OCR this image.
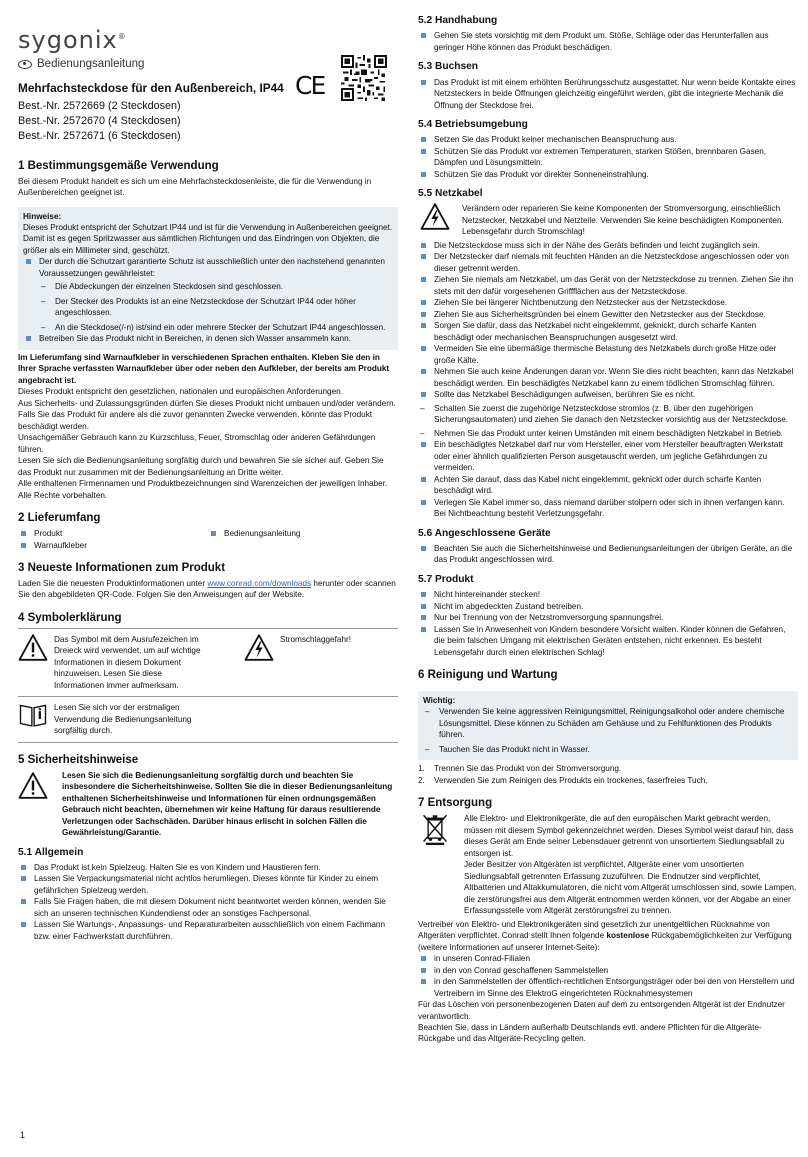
sygonix®
Bedienungsanleitung
Mehrfachsteckdose für den Außenbereich, IP44
Best.-Nr. 2572669 (2 Steckdosen)
Best.-Nr. 2572670 (4 Steckdosen)
Best.-Nr. 2572671 (6 Steckdosen)
CE
1 Bestimmungsgemäße Verwendung

Bei diesem Produkt handelt es sich um eine Mehrfachsteckdosenleiste, die für die Verwendung in Außenbereichen geeignet ist.

Hinweise:

Dieses Produkt entspricht der Schutzart IP44 und ist für die Verwendung in Außenbereichen geeignet. Damit ist es gegen Spritzwasser aus sämtlichen Richtungen und das Eindringen von Objekten, die größer als ein Millimeter sind, geschützt.

Der durch die Schutzart garantierte Schutz ist ausschließlich unter den nachstehend genannten Voraussetzungen gewährleistet:
– Die Abdeckungen der einzelnen Steckdosen sind geschlossen.
– Der Stecker des Produkts ist an eine Netzsteckdose der Schutzart IP44 oder höher angeschlossen.
– An die Steckdose(/-n) ist/sind ein oder mehrere Stecker der Schutzart IP44 angeschlossen.
Betreiben Sie das Produkt nicht in Bereichen, in denen sich Wasser ansammeln kann.

Im Lieferumfang sind Warnaufkleber in verschiedenen Sprachen enthalten. Kleben Sie den in Ihrer Sprache verfassten Warnaufkleber über oder neben den Aufkleber, der bereits am Produkt angebracht ist.

Dieses Produkt entspricht den gesetzlichen, nationalen und europäischen Anforderungen.

Aus Sicherheits- und Zulassungsgründen dürfen Sie dieses Produkt nicht umbauen und/oder verändern. Falls Sie das Produkt für andere als die zuvor genannten Zwecke verwenden, könnte das Produkt beschädigt werden.

Unsachgemäßer Gebrauch kann zu Kurzschluss, Feuer, Stromschlag oder anderen Gefährdungen führen.

Lesen Sie sich die Bedienungsanleitung sorgfältig durch und bewahren Sie sie sicher auf. Geben Sie das Produkt nur zusammen mit der Bedienungsanleitung an Dritte weiter.

Alle enthaltenen Firmennamen und Produktbezeichnungen sind Warenzeichen der jeweiligen Inhaber. Alle Rechte vorbehalten.

2 Lieferumfang
Produkt
Warnaufkleber
Bedienungsanleitung
3 Neueste Informationen zum Produkt

Laden Sie die neuesten Produktinformationen unter www.conrad.com/downloads herunter oder scannen Sie den abgebildeten QR-Code. Folgen Sie den Anweisungen auf der Website.

4 Symbolerklärung

Das Symbol mit dem Ausrufezeichen im Dreieck wird verwendet, um auf wichtige Informationen in diesem Dokument hinzuweisen. Lesen Sie diese Informationen immer aufmerksam.

Stromschlaggefahr!

Lesen Sie sich vor der erstmaligen Verwendung die Bedienungsanleitung sorgfältig durch.

5 Sicherheitshinweise

Lesen Sie sich die Bedienungsanleitung sorgfältig durch und beachten Sie insbesondere die Sicherheitshinweise. Sollten Sie die in dieser Bedienungsanleitung enthaltenen Sicherheitshinweise und Informationen für einen ordnungsgemäßen Gebrauch nicht beachten, übernehmen wir keine Haftung für daraus resultierende Verletzungen oder Sachschäden. Darüber hinaus erlischt in solchen Fällen die Gewährleistung/Garantie.

5.1 Allgemein
Das Produkt ist kein Spielzeug. Halten Sie es von Kindern und Haustieren fern.
Lassen Sie Verpackungsmaterial nicht achtlos herumliegen. Dieses könnte für Kinder zu einem gefährlichen Spielzeug werden.
Falls Sie Fragen haben, die mit diesem Dokument nicht beantwortet werden können, wenden Sie sich an unseren technischen Kundendienst oder an sonstiges Fachpersonal.
Lassen Sie Wartungs-, Anpassungs- und Reparaturarbeiten ausschließlich von einem Fachmann bzw. einer Fachwerkstatt durchführen.
5.2 Handhabung
Gehen Sie stets vorsichtig mit dem Produkt um. Stöße, Schläge oder das Herunterfallen aus geringer Höhe können das Produkt beschädigen.
5.3 Buchsen
Das Produkt ist mit einem erhöhten Berührungsschutz ausgestattet. Nur wenn beide Kontakte eines Netzsteckers in beide Öffnungen gleichzeitig eingeführt werden, gibt die integrierte Mechanik die Öffnung der Steckdose frei.
5.4 Betriebsumgebung
Setzen Sie das Produkt keiner mechanischen Beanspruchung aus.
Schützen Sie das Produkt vor extremen Temperaturen, starken Stößen, brennbaren Gasen, Dämpfen und Lösungsmitteln.
Schützen Sie das Produkt vor direkter Sonneneinstrahlung.
5.5 Netzkabel

Verändern oder reparieren Sie keine Komponenten der Stromversorgung, einschließlich Netzstecker, Netzkabel und Netzteile. Verwenden Sie keine beschädigten Komponenten. Lebensgefahr durch Stromschlag!

Die Netzsteckdose muss sich in der Nähe des Geräts befinden und leicht zugänglich sein.
Der Netzstecker darf niemals mit feuchten Händen an die Netzsteckdose angeschlossen oder von dieser getrennt werden.
Ziehen Sie niemals am Netzkabel, um das Gerät von der Netzsteckdose zu trennen. Ziehen Sie ihn stets mit den dafür vorgesehenen Griffflächen aus der Netzsteckdose.
Ziehen Sie bei längerer Nichtbenutzung den Netzstecker aus der Netzsteckdose.
Ziehen Sie aus Sicherheitsgründen bei einem Gewitter den Netzstecker aus der Steckdose.
Sorgen Sie dafür, dass das Netzkabel nicht eingeklemmt, geknickt, durch scharfe Kanten beschädigt oder mechanischen Beanspruchungen ausgesetzt wird.
Vermeiden Sie eine übermäßige thermische Belastung des Netzkabels durch große Hitze oder große Kälte.
Nehmen Sie auch keine Änderungen daran vor. Wenn Sie dies nicht beachten, kann das Netzkabel beschädigt werden. Ein beschädigtes Netzkabel kann zu einem tödlichen Stromschlag führen.
Sollte das Netzkabel Beschädigungen aufweisen, berühren Sie es nicht.
– Schalten Sie zuerst die zugehörige Netzsteckdose stromlos (z. B. über den zugehörigen Sicherungsautomaten) und ziehen Sie danach den Netzstecker vorsichtig aus der Netzsteckdose.
– Nehmen Sie das Produkt unter keinen Umständen mit einem beschädigten Netzkabel in Betrieb.
Ein beschädigtes Netzkabel darf nur vom Hersteller, einer vom Hersteller beauftragten Werkstatt oder einer ähnlich qualifizierten Person ausgetauscht werden, um jegliche Gefährdungen zu vermeiden.
Achten Sie darauf, dass das Kabel nicht eingeklemmt, geknickt oder durch scharfe Kanten beschädigt wird.
Verlegen Sie Kabel immer so, dass niemand darüber stolpern oder sich in ihnen verfangen kann. Bei Nichtbeachtung besteht Verletzungsgefahr.
5.6 Angeschlossene Geräte
Beachten Sie auch die Sicherheitshinweise und Bedienungsanleitungen der übrigen Geräte, an die das Produkt angeschlossen wird.
5.7 Produkt
Nicht hintereinander stecken!
Nicht im abgedeckten Zustand betreiben.
Nur bei Trennung von der Netzstromversorgung spannungsfrei.
Lassen Sie in Anwesenheit von Kindern besondere Vorsicht walten. Kinder können die Gefahren, die beim falschen Umgang mit elektrischen Geräten entstehen, nicht erkennen. Es besteht Lebensgefahr durch einen elektrischen Schlag!
6 Reinigung und Wartung
Wichtig:
– Verwenden Sie keine aggressiven Reinigungsmittel, Reinigungsalkohol oder andere chemische Lösungsmittel. Diese können zu Schäden am Gehäuse und zu Fehlfunktionen des Produkts führen.
– Tauchen Sie das Produkt nicht in Wasser.
1. Trennen Sie das Produkt von der Stromversorgung.
2. Verwenden Sie zum Reinigen des Produkts ein trockenes, faserfreies Tuch.
7 Entsorgung

Alle Elektro- und Elektronikgeräte, die auf den europäischen Markt gebracht werden, müssen mit diesem Symbol gekennzeichnet werden. Dieses Symbol weist darauf hin, dass dieses Gerät am Ende seiner Lebensdauer getrennt von unsortiertem Siedlungsabfall zu entsorgen ist.

Jeder Besitzer von Altgeräten ist verpflichtet, Altgeräte einer vom unsortierten Siedlungsabfall getrennten Erfassung zuzuführen. Die Endnutzer sind verpflichtet, Altbatterien und Altakkumulatoren, die nicht vom Altgerät umschlossen sind, sowie Lampen, die zerstörungsfrei aus dem Altgerät entnommen werden können, vor der Abgabe an einer Erfassungsstelle vom Altgerät zerstörungsfrei zu trennen.

Vertreiber von Elektro- und Elektronikgeräten sind gesetzlich zur unentgeltlichen Rücknahme von Altgeräten verpflichtet. Conrad stellt Ihnen folgende kostenlose Rückgabemöglichkeiten zur Verfügung (weitere Informationen auf unserer Internet-Seite):

in unseren Conrad-Filialen
in den von Conrad geschaffenen Sammelstellen
in den Sammelstellen der öffentlich-rechtlichen Entsorgungsträger oder bei den von Herstellern und Vertreibern im Sinne des ElektroG eingerichteten Rücknahmesystemen

Für das Löschen von personenbezogenen Daten auf dem zu entsorgenden Altgerät ist der Endnutzer verantwortlich.

Beachten Sie, dass in Ländern außerhalb Deutschlands evtl. andere Pflichten für die Altgeräte-Rückgabe und das Altgeräte-Recycling gelten.

1
